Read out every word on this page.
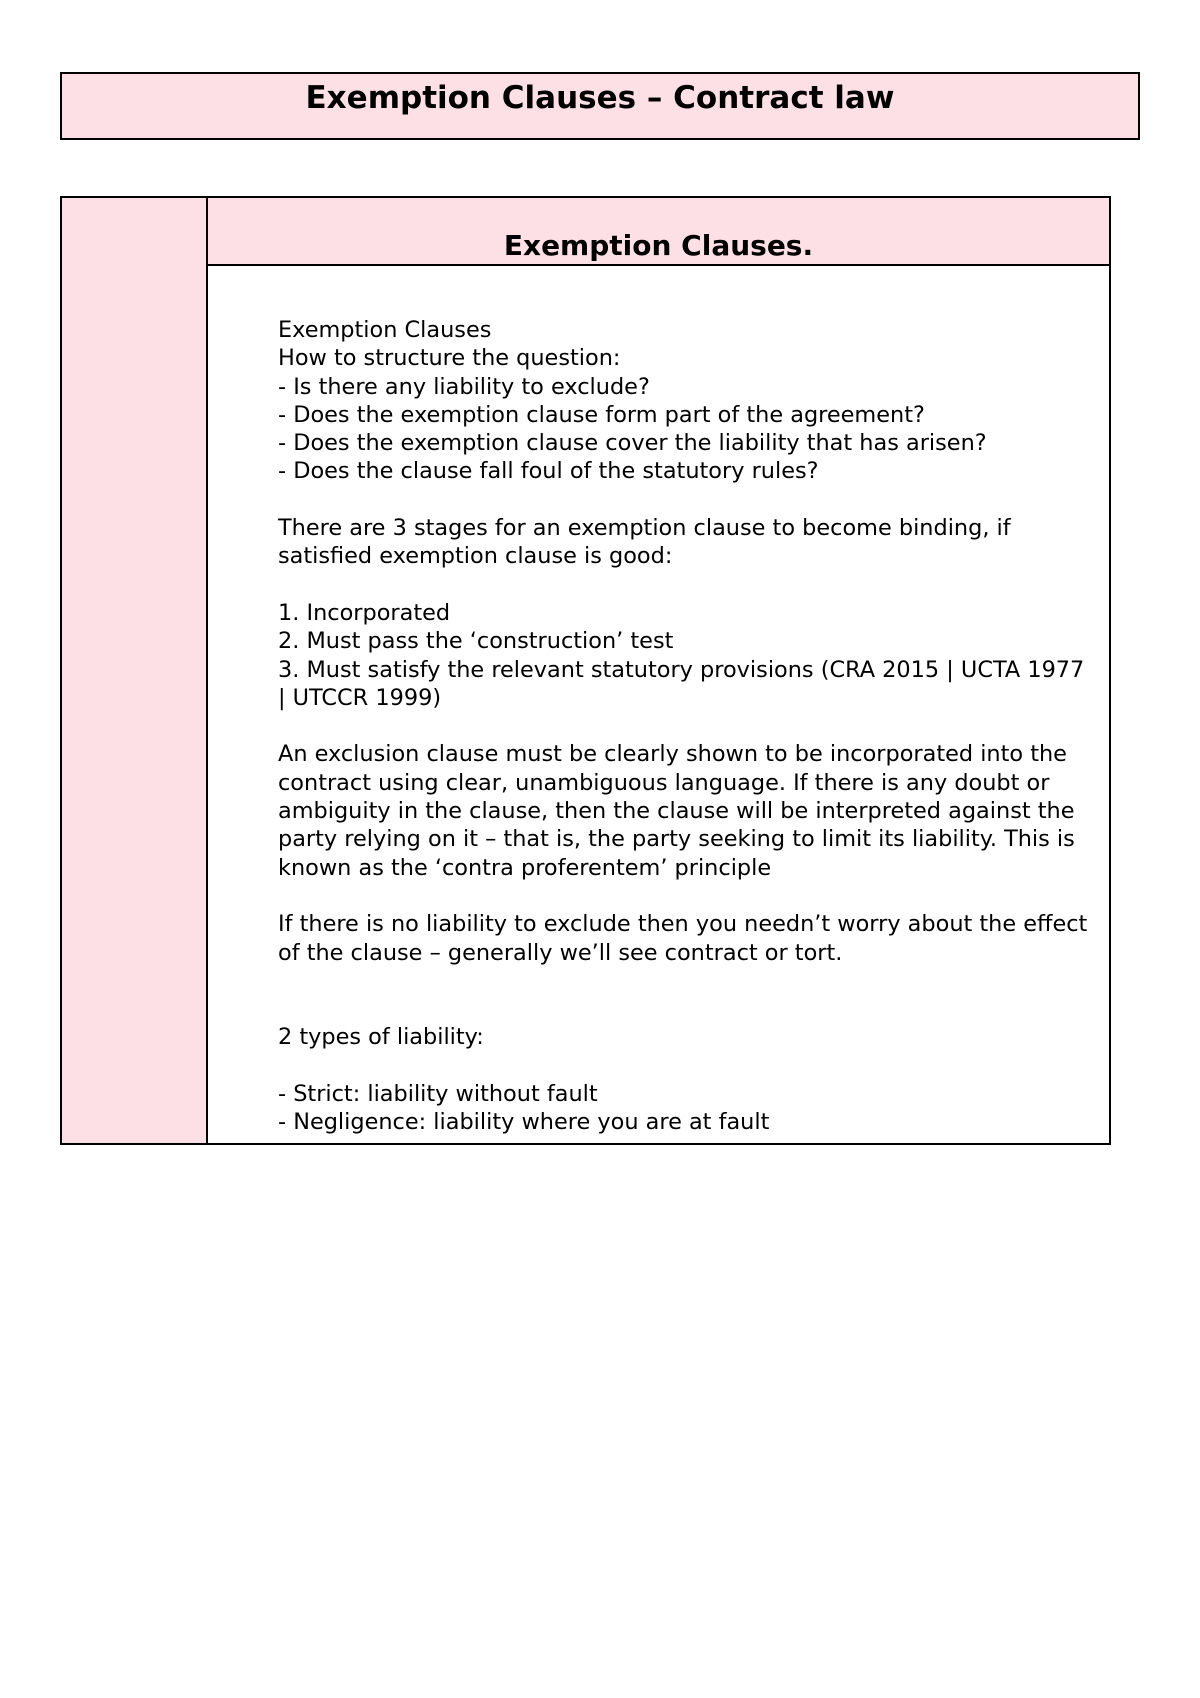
Exemption Clauses – Contract law
Exemption Clauses.
Exemption Clauses
How to structure the question:
- Is there any liability to exclude?
- Does the exemption clause form part of the agreement?
- Does the exemption clause cover the liability that has arisen?
- Does the clause fall foul of the statutory rules?
There are 3 stages for an exemption clause to become binding, if
satisfied exemption clause is good:
1. Incorporated
2. Must pass the ‘construction’ test
3. Must satisfy the relevant statutory provisions (CRA 2015 | UCTA 1977
| UTCCR 1999)
An exclusion clause must be clearly shown to be incorporated into the
contract using clear, unambiguous language. If there is any doubt or
ambiguity in the clause, then the clause will be interpreted against the
party relying on it – that is, the party seeking to limit its liability. This is
known as the ‘contra proferentem’ principle
If there is no liability to exclude then you needn’t worry about the effect
of the clause – generally we’ll see contract or tort.
2 types of liability:
- Strict: liability without fault
- Negligence: liability where you are at fault
